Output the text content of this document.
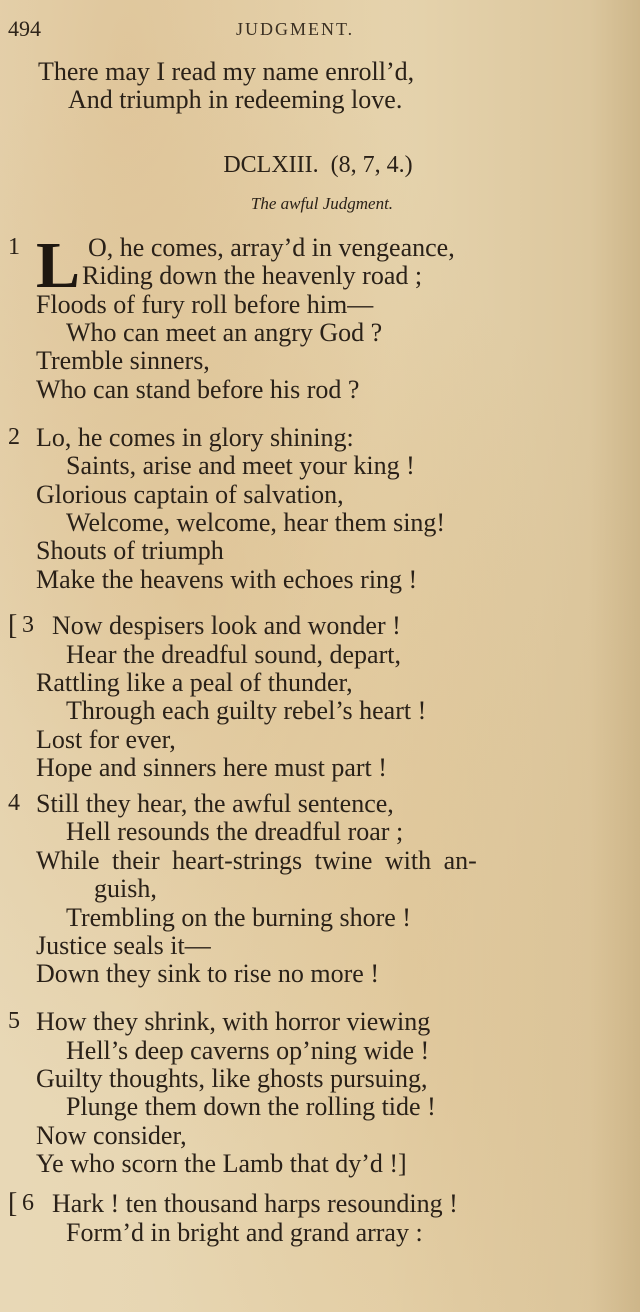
494	JUDGMENT.
There may I read my name enroll’d,
And triumph in redeeming love.
DCLXIII. (8, 7, 4.)
The awful Judgment.
1 L O, he comes, array’d in vengeance,
Riding down the heavenly road ;
Floods of fury roll before him—
Who can meet an angry God ?
Tremble sinners,
Who can stand before his rod ?
2 Lo, he comes in glory shining:
Saints, arise and meet your king !
Glorious captain of salvation,
Welcome, welcome, hear them sing!
Shouts of triumph
Make the heavens with echoes ring !
[ 3 Now despisers look and wonder !
Hear the dreadful sound, depart,
Rattling like a peal of thunder,
Through each guilty rebel’s heart !
Lost for ever,
Hope and sinners here must part !
4 Still they hear, the awful sentence,
Hell resounds the dreadful roar ;
While their heart-strings twine with an-
guish,
Trembling on the burning shore !
Justice seals it—
Down they sink to rise no more !
5 How they shrink, with horror viewing
Hell’s deep caverns op’ning wide !
Guilty thoughts, like ghosts pursuing,
Plunge them down the rolling tide !
Now consider,
Ye who scorn the Lamb that dy’d !]
[ 6 Hark ! ten thousand harps resounding !
Form’d in bright and grand array :
